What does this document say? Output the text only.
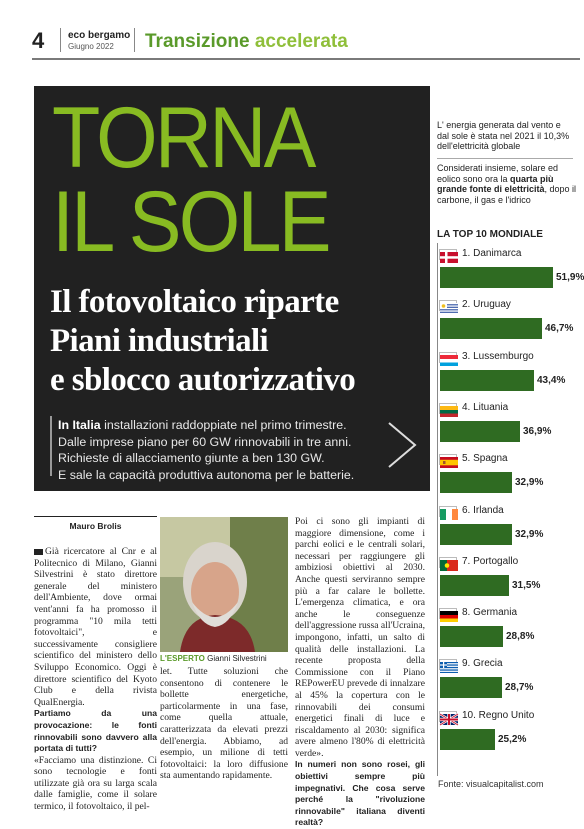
4 eco bergamo
Giugno 2022 Transizione accelerata
TORNA
IL SOLE
Il fotovoltaico riparte
Piani industriali
e sblocco autorizzativo
In Italia installazioni raddoppiate nel primo trimestre.
Dalle imprese piano per 60 GW rinnovabili in tre anni.
Richieste di allacciamento giunte a ben 130 GW.
E sale la capacità produttiva autonoma per le batterie.
L' energia generata dal vento e dal sole è stata nel 2021 il 10,3% dell'elettricità globale
Considerati insieme, solare ed eolico sono ora la quarta più grande fonte di elettricità, dopo il carbone, il gas e l'idrico
LA TOP 10 MONDIALE
1. Danimarca
51,9%
2. Uruguay
46,7%
3. Lussemburgo
43,4%
4. Lituania
36,9%
5. Spagna
32,9%
6. Irlanda
32,9%
7. Portogallo
31,5%
8. Germania
28,8%
9. Grecia
28,7%
10. Regno Unito
25,2%
Fonte: visualcapitalist.com
Mauro Brolis
Già ricercatore al Cnr e al Politecnico di Milano, Gianni Silvestrini è stato direttore generale del ministero dell'Ambiente, dove ormai vent'anni fa ha promosso il programma "10 mila tetti fotovoltaici", e successivamente consigliere scientifico del ministero dello Sviluppo Economico. Oggi è direttore scientifico del Kyoto Club e della rivista QualEnergia.
Partiamo da una provocazione: le fonti rinnovabili sono davvero alla portata di tutti?
«Facciamo una distinzione. Ci sono tecnologie e fonti utilizzate già ora su larga scala dalle famiglie, come il solare termico, il fotovoltaico, il pel-
L'ESPERTO Gianni Silvestrini
let. Tutte soluzioni che consentono di contenere le bollette energetiche, particolarmente in una fase, come quella attuale, caratterizzata da elevati prezzi dell'energia. Abbiamo, ad esempio, un milione di tetti fotovoltaici: la loro diffusione sta aumentando rapidamente.
Poi ci sono gli impianti di maggiore dimensione, come i parchi eolici e le centrali solari, necessari per raggiungere gli ambiziosi obiettivi al 2030. Anche questi serviranno sempre più a far calare le bollette. L'emergenza climatica, e ora anche le conseguenze dell'aggressione russa all'Ucraina, impongono, infatti, un salto di qualità delle installazioni. La recente proposta della Commissione con il Piano REPowerEU prevede di innalzare al 45% la copertura con le rinnovabili dei consumi energetici finali di luce e riscaldamento al 2030: significa avere almeno l'80% di elettricità verde».
In numeri non sono rosei, gli obiettivi sempre più impegnativi. Che cosa serve perché la "rivoluzione rinnovabile" italiana diventi realtà?
